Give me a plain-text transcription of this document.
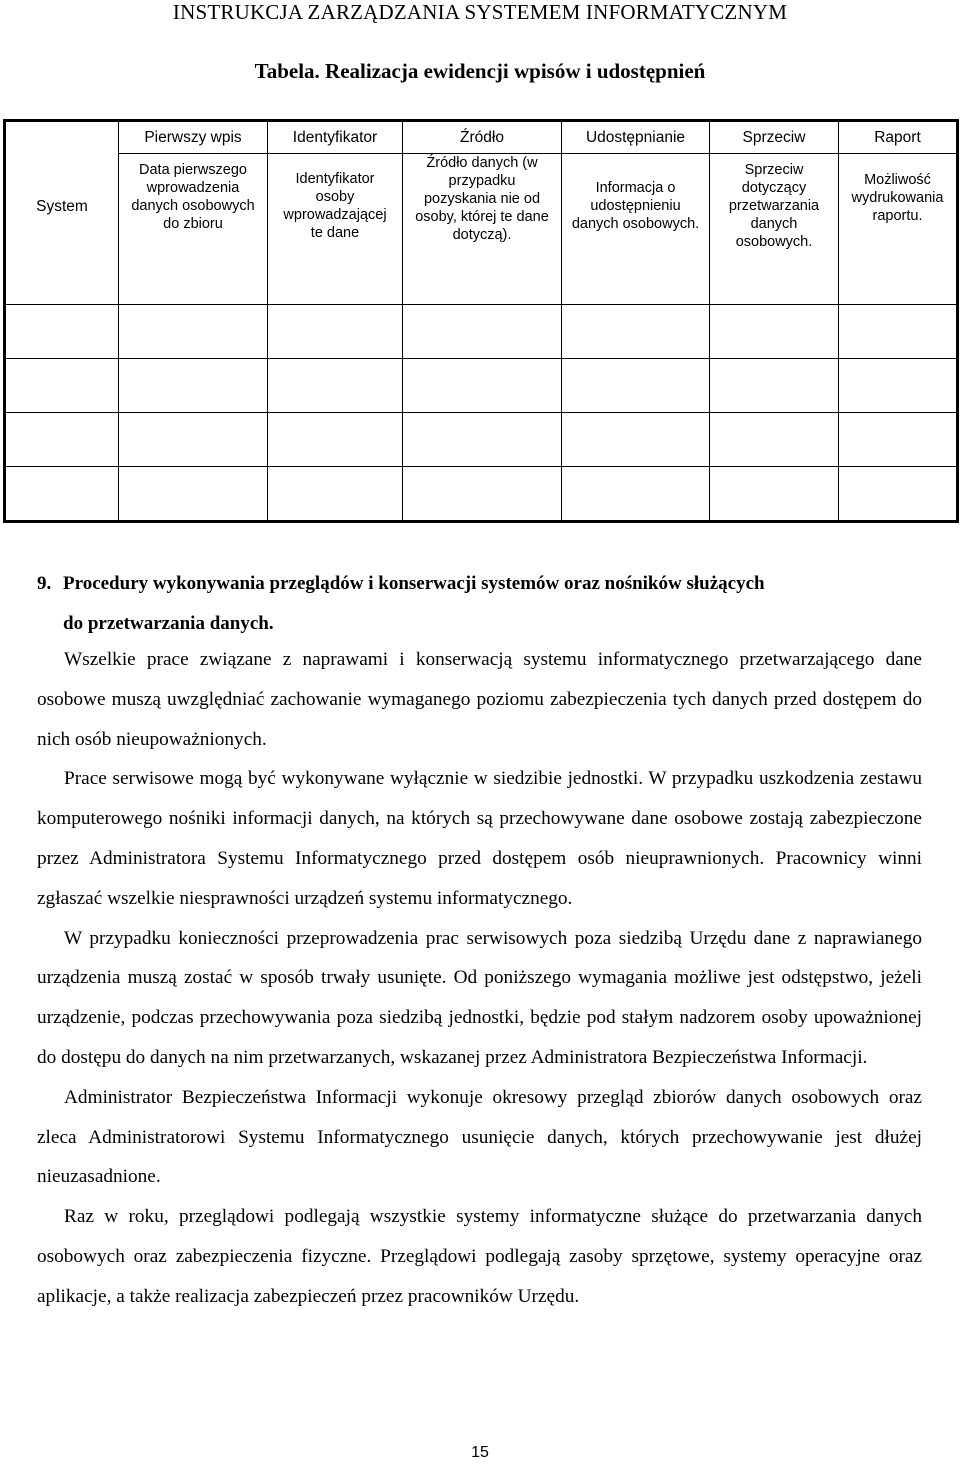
INSTRUKCJA ZARZĄDZANIA SYSTEMEM INFORMATYCZNYM
Tabela. Realizacja ewidencji wpisów i udostępnień
System	Pierwszy wpis	Identyfikator	Źródło	Udostępnianie	Sprzeciw	Raport

	Data pierwszego wprowadzenia danych osobowych do zbioru	Identyfikator osoby wprowadzającej te dane	Źródło danych (w przypadku pozyskania nie od osoby, której te dane dotyczą).	Informacja o udostępnieniu danych osobowych.	Sprzeciw dotyczący przetwarzania danych osobowych.	Możliwość wydrukowania raportu.

9. Procedury wykonywania przeglądów i konserwacji systemów oraz nośników służących
do przetwarzania danych.

Wszelkie prace związane z naprawami i konserwacją systemu informatycznego przetwarzającego dane osobowe muszą uwzględniać zachowanie wymaganego poziomu zabezpieczenia tych danych przed dostępem do nich osób nieupoważnionych.

Prace serwisowe mogą być wykonywane wyłącznie w siedzibie jednostki. W przypadku uszkodzenia zestawu komputerowego nośniki informacji danych, na których są przechowywane dane osobowe zostają zabezpieczone przez Administratora Systemu Informatycznego przed dostępem osób nieuprawnionych. Pracownicy winni zgłaszać wszelkie niesprawności urządzeń systemu informatycznego.

W przypadku konieczności przeprowadzenia prac serwisowych poza siedzibą Urzędu dane z naprawianego urządzenia muszą zostać w sposób trwały usunięte. Od poniższego wymagania możliwe jest odstępstwo, jeżeli urządzenie, podczas przechowywania poza siedzibą jednostki, będzie pod stałym nadzorem osoby upoważnionej do dostępu do danych na nim przetwarzanych, wskazanej przez Administratora Bezpieczeństwa Informacji.

Administrator Bezpieczeństwa Informacji wykonuje okresowy przegląd zbiorów danych osobowych oraz zleca Administratorowi Systemu Informatycznego usunięcie danych, których przechowywanie jest dłużej nieuzasadnione.

Raz w roku, przeglądowi podlegają wszystkie systemy informatyczne służące do przetwarzania danych osobowych oraz zabezpieczenia fizyczne. Przeglądowi podlegają zasoby sprzętowe, systemy operacyjne oraz aplikacje, a także realizacja zabezpieczeń przez pracowników Urzędu.

15
